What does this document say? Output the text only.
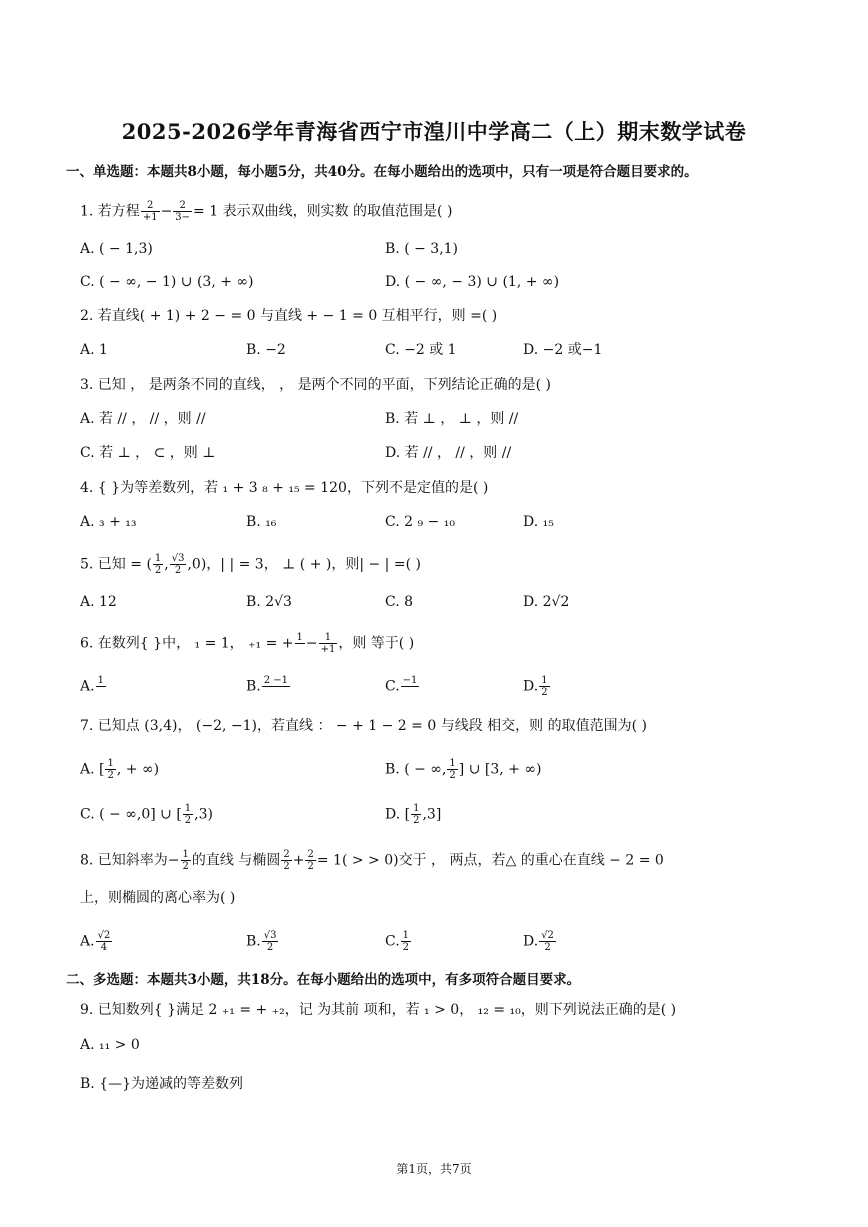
2025-2026学年青海省西宁市湟川中学高二（上）期末数学试卷
一、单选题：本题共8小题，每小题5分，共40分。在每小题给出的选项中，只有一项是符合题目要求的。
1. 若方程 $\frac{2}{+1} - \frac{2}{3-} = 1$ 表示双曲线，则实数 的取值范围是( )
A. ( − 1,3)	B. ( − 3,1)
C. ( − ∞, − 1) ∪ (3, + ∞)	D. ( − ∞, − 3) ∪ (1, + ∞)
2. 若直线( + 1) + 2 − = 0 与直线 + − 1 = 0 互相平行，则 =( )
A. 1	B. −2	C. −2 或 1	D. −2 或−1
3. 已知 ， 是两条不同的直线， ， 是两个不同的平面，下列结论正确的是( )
A. 若 // ， // ，则 //	B. 若 ⊥ ， ⊥ ，则 //
C. 若 ⊥ ， ⊂ ，则 ⊥	D. 若 // ， // ，则 //
4. { }为等差数列，若 ₁ + 3 ₈ + ₁₅ = 120，下列不是定值的是( )
A. ₃ + ₁₃	B. ₁₆	C. 2 ₉ − ₁₀	D. ₁₅
5. 已知 = ( $\frac{1}{2}$ , $\frac{√3}{2} ,0$)，| | = 3， ⊥ ( + )，则| − | =( )
A. 12	B. 2√3	C. 8	D. 2√2
6. 在数列{ }中， ₁ = 1， ₊₁ = + $1 - \frac{1}{+1}$ ，则 等于( )
A. 1	B. 2 −1	C. −1	D. $\frac{1}{2}$
7. 已知点 (3,4)， (−2, −1)，若直线 ： − + 1 − 2 = 0 与线段 相交，则 的取值范围为( )
A. [ $\frac{1}{2}$ , + ∞)	B. ( − ∞, $\frac{1}{2}$ ] ∪ [3, + ∞)
C. ( − ∞,0] ∪ [ $\frac{1}{2} ,3$)	D. [ $\frac{1}{2} ,3$]
8. 已知斜率为− $\frac{1}{2}$ 的直线 与椭圆 $\frac{2}{2} + \frac{2}{2} = 1$( > > 0)交于 ， 两点，若△ 的重心在直线 − 2 = 0
上，则椭圆的离心率为( )
A. $\frac{√2}{4}$	B. $\frac{√3}{2}$	C. $\frac{1}{2}$	D. $\frac{√2}{2}$
二、多选题：本题共3小题，共18分。在每小题给出的选项中，有多项符合题目要求。
9. 已知数列{ }满足 2 ₊₁ = + ₊₂，记 为其前 项和，若 ₁ > 0， ₁₂ = ₁₀，则下列说法正确的是( )
A. ₁₁ > 0
B. {—}为递减的等差数列
第1页，共7页
